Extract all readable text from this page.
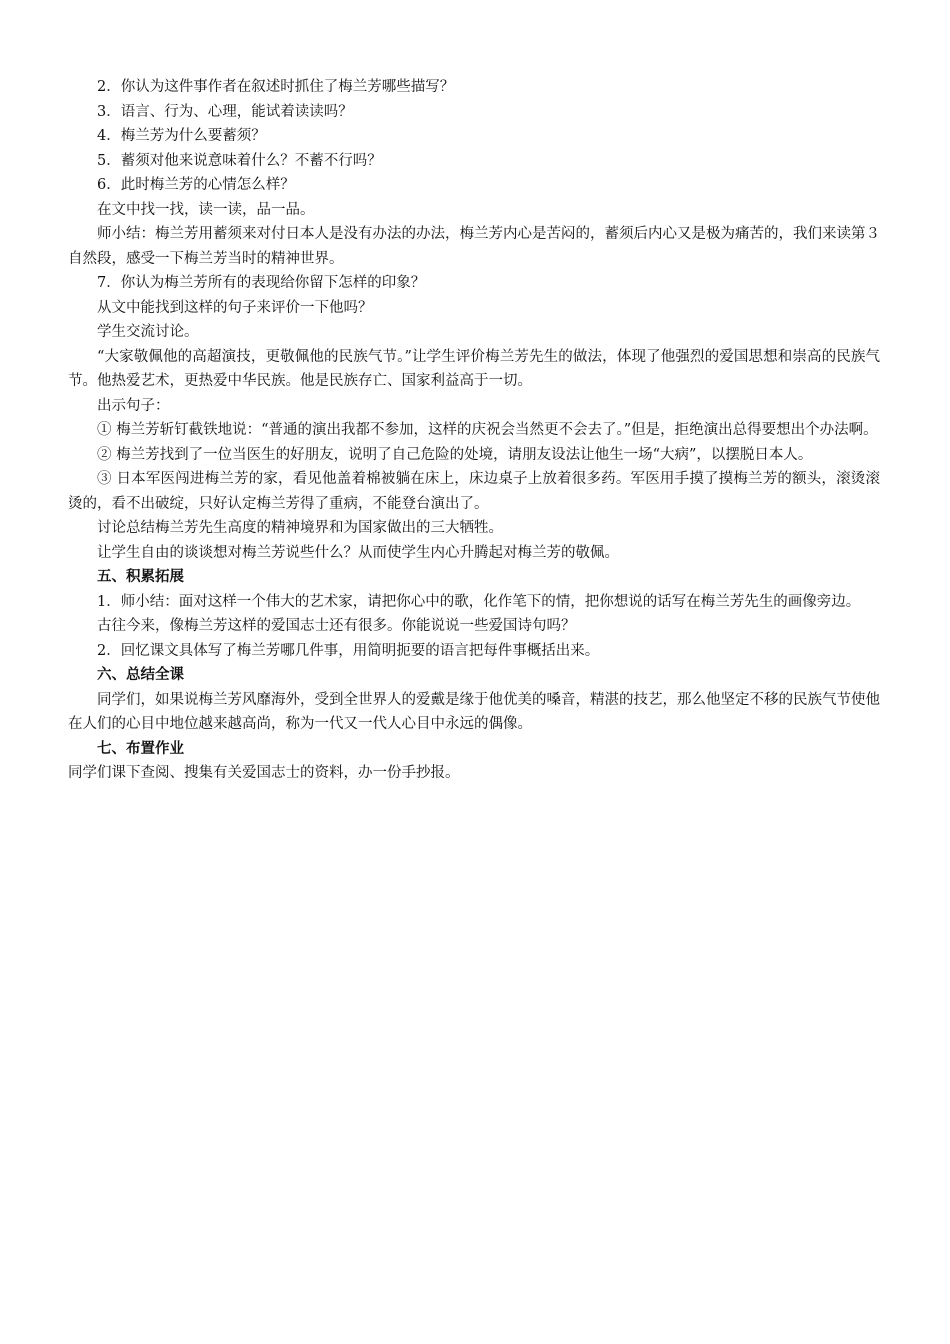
2．你认为这件事作者在叙述时抓住了梅兰芳哪些描写？

3．语言、行为、心理，能试着读读吗？

4．梅兰芳为什么要蓄须？

5．蓄须对他来说意味着什么？不蓄不行吗？

6．此时梅兰芳的心情怎么样？

在文中找一找，读一读，品一品。

师小结：梅兰芳用蓄须来对付日本人是没有办法的办法，梅兰芳内心是苦闷的，蓄须后内心又是极为痛苦的，我们来读第３自然段，感受一下梅兰芳当时的精神世界。

7．你认为梅兰芳所有的表现给你留下怎样的印象？

从文中能找到这样的句子来评价一下他吗？

学生交流讨论。

“大家敬佩他的高超演技，更敬佩他的民族气节。”让学生评价梅兰芳先生的做法，体现了他强烈的爱国思想和崇高的民族气节。他热爱艺术，更热爱中华民族。他是民族存亡、国家利益高于一切。

出示句子：

① 梅兰芳斩钉截铁地说：“普通的演出我都不参加，这样的庆祝会当然更不会去了。”但是，拒绝演出总得要想出个办法啊。

② 梅兰芳找到了一位当医生的好朋友，说明了自己危险的处境，请朋友设法让他生一场“大病”，以摆脱日本人。

③ 日本军医闯进梅兰芳的家，看见他盖着棉被躺在床上，床边桌子上放着很多药。军医用手摸了摸梅兰芳的额头，滚烫滚烫的，看不出破绽，只好认定梅兰芳得了重病，不能登台演出了。

讨论总结梅兰芳先生高度的精神境界和为国家做出的三大牺牲。

让学生自由的谈谈想对梅兰芳说些什么？从而使学生内心升腾起对梅兰芳的敬佩。

五、积累拓展

1．师小结：面对这样一个伟大的艺术家，请把你心中的歌，化作笔下的情，把你想说的话写在梅兰芳先生的画像旁边。

古往今来，像梅兰芳这样的爱国志士还有很多。你能说说一些爱国诗句吗？

2．回忆课文具体写了梅兰芳哪几件事，用简明扼要的语言把每件事概括出来。

六、总结全课

同学们，如果说梅兰芳风靡海外，受到全世界人的爱戴是缘于他优美的嗓音，精湛的技艺，那么他坚定不移的民族气节使他在人们的心目中地位越来越高尚，称为一代又一代人心目中永远的偶像。

七、布置作业

同学们课下查阅、搜集有关爱国志士的资料，办一份手抄报。
